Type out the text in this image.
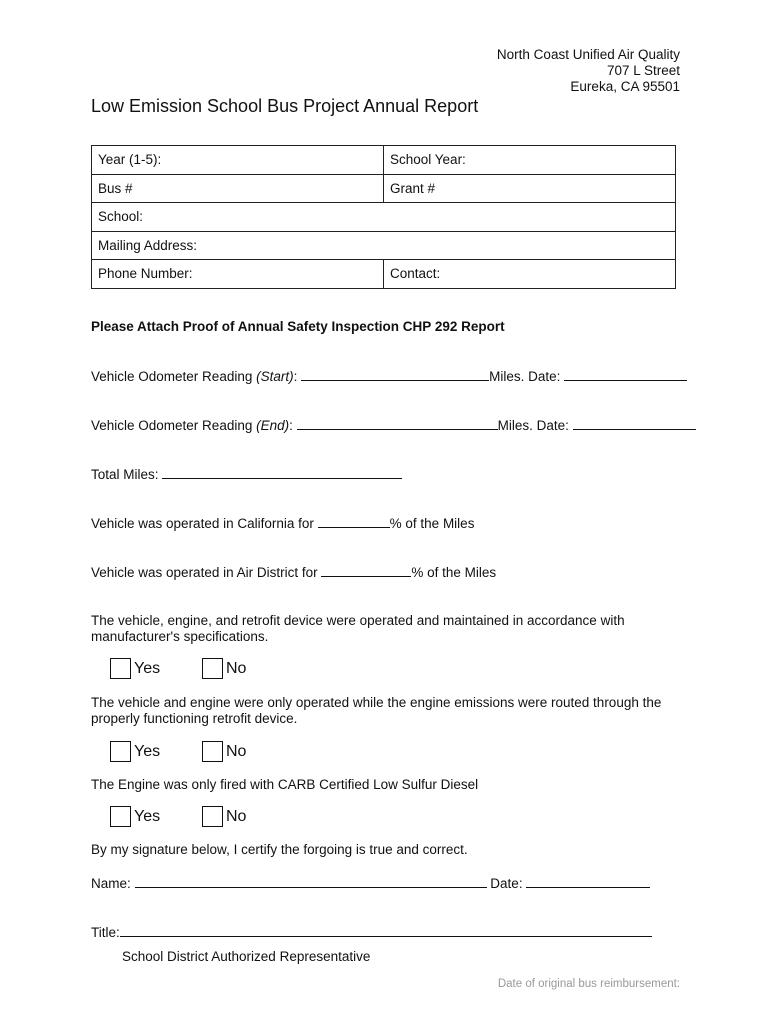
North Coast Unified Air Quality
707 L Street
Eureka, CA 95501
Low Emission School Bus Project Annual Report
Year (1-5):	School Year:
Bus #	Grant #
School:	
Mailing Address:	
Phone Number:	Contact:
Please Attach Proof of Annual Safety Inspection CHP 292 Report
Vehicle Odometer Reading (Start):	Miles. Date:
Vehicle Odometer Reading (End):	Miles. Date:
Total Miles:
Vehicle was operated in California for	% of the Miles
Vehicle was operated in Air District for	% of the Miles
The vehicle, engine, and retrofit device were operated and maintained in accordance with manufacturer's specifications.
Yes	No
The vehicle and engine were only operated while the engine emissions were routed through the properly functioning retrofit device.
Yes	No
The Engine was only fired with CARB Certified Low Sulfur Diesel
Yes	No
By my signature below, I certify the forgoing is true and correct.
Name:	Date:
Title:
School District Authorized Representative
Date of original bus reimbursement:
